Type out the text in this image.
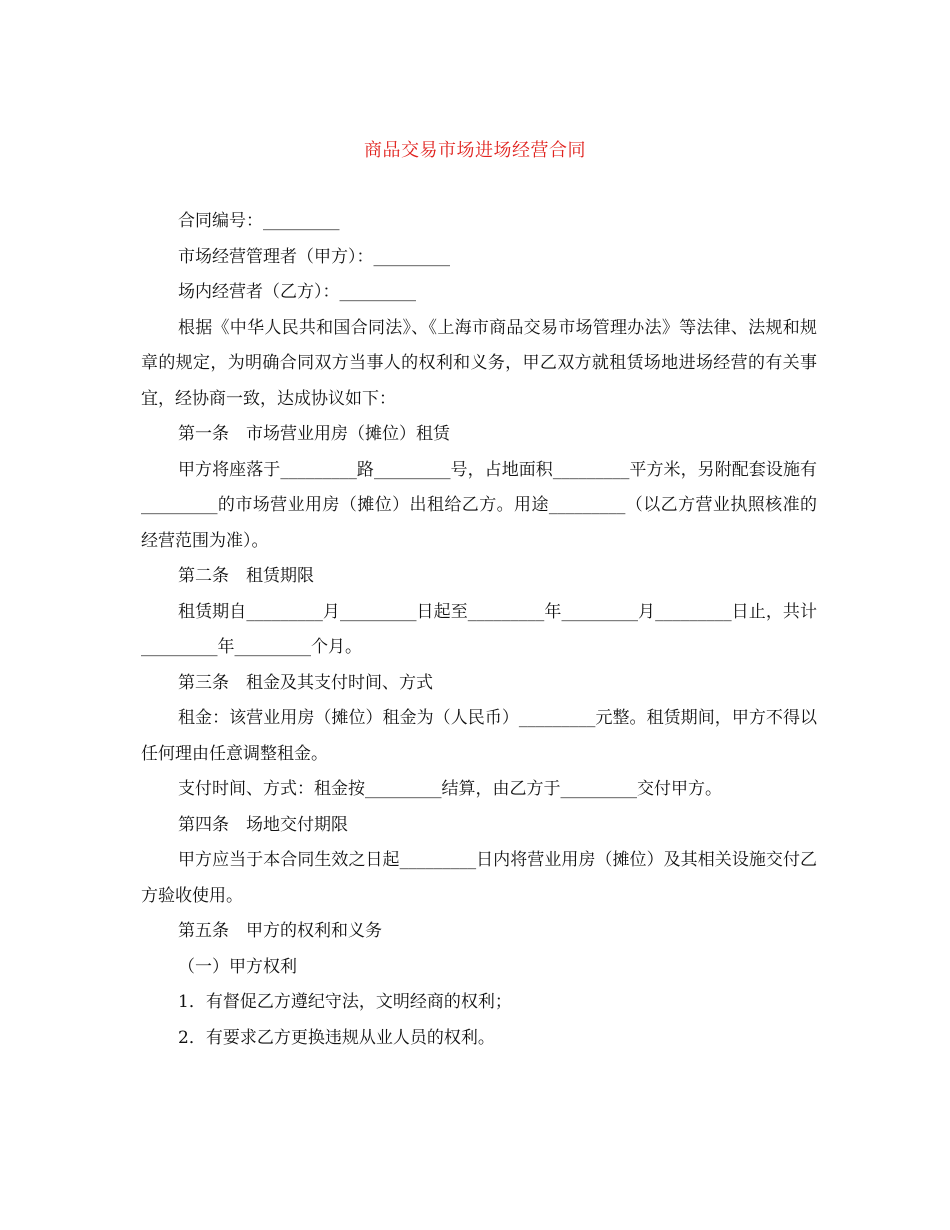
商品交易市场进场经营合同

合同编号：_________

市场经营管理者（甲方）：_________

场内经营者（乙方）：_________

根据《中华人民共和国合同法》、《上海市商品交易市场管理办法》等法律、法规和规章的规定，为明确合同双方当事人的权利和义务，甲乙双方就租赁场地进场经营的有关事宜，经协商一致，达成协议如下：

第一条　市场营业用房（摊位）租赁

甲方将座落于_________路_________号，占地面积_________平方米，另附配套设施有_________的市场营业用房（摊位）出租给乙方。用途_________（以乙方营业执照核准的经营范围为准）。

第二条　租赁期限

租赁期自_________月_________日起至_________年_________月_________日止，共计_________年_________个月。

第三条　租金及其支付时间、方式

租金：该营业用房（摊位）租金为（人民币）_________元整。租赁期间，甲方不得以任何理由任意调整租金。

支付时间、方式：租金按_________结算，由乙方于_________交付甲方。

第四条　场地交付期限

甲方应当于本合同生效之日起_________日内将营业用房（摊位）及其相关设施交付乙方验收使用。

第五条　甲方的权利和义务

（一）甲方权利

1．有督促乙方遵纪守法，文明经商的权利；

2．有要求乙方更换违规从业人员的权利。
